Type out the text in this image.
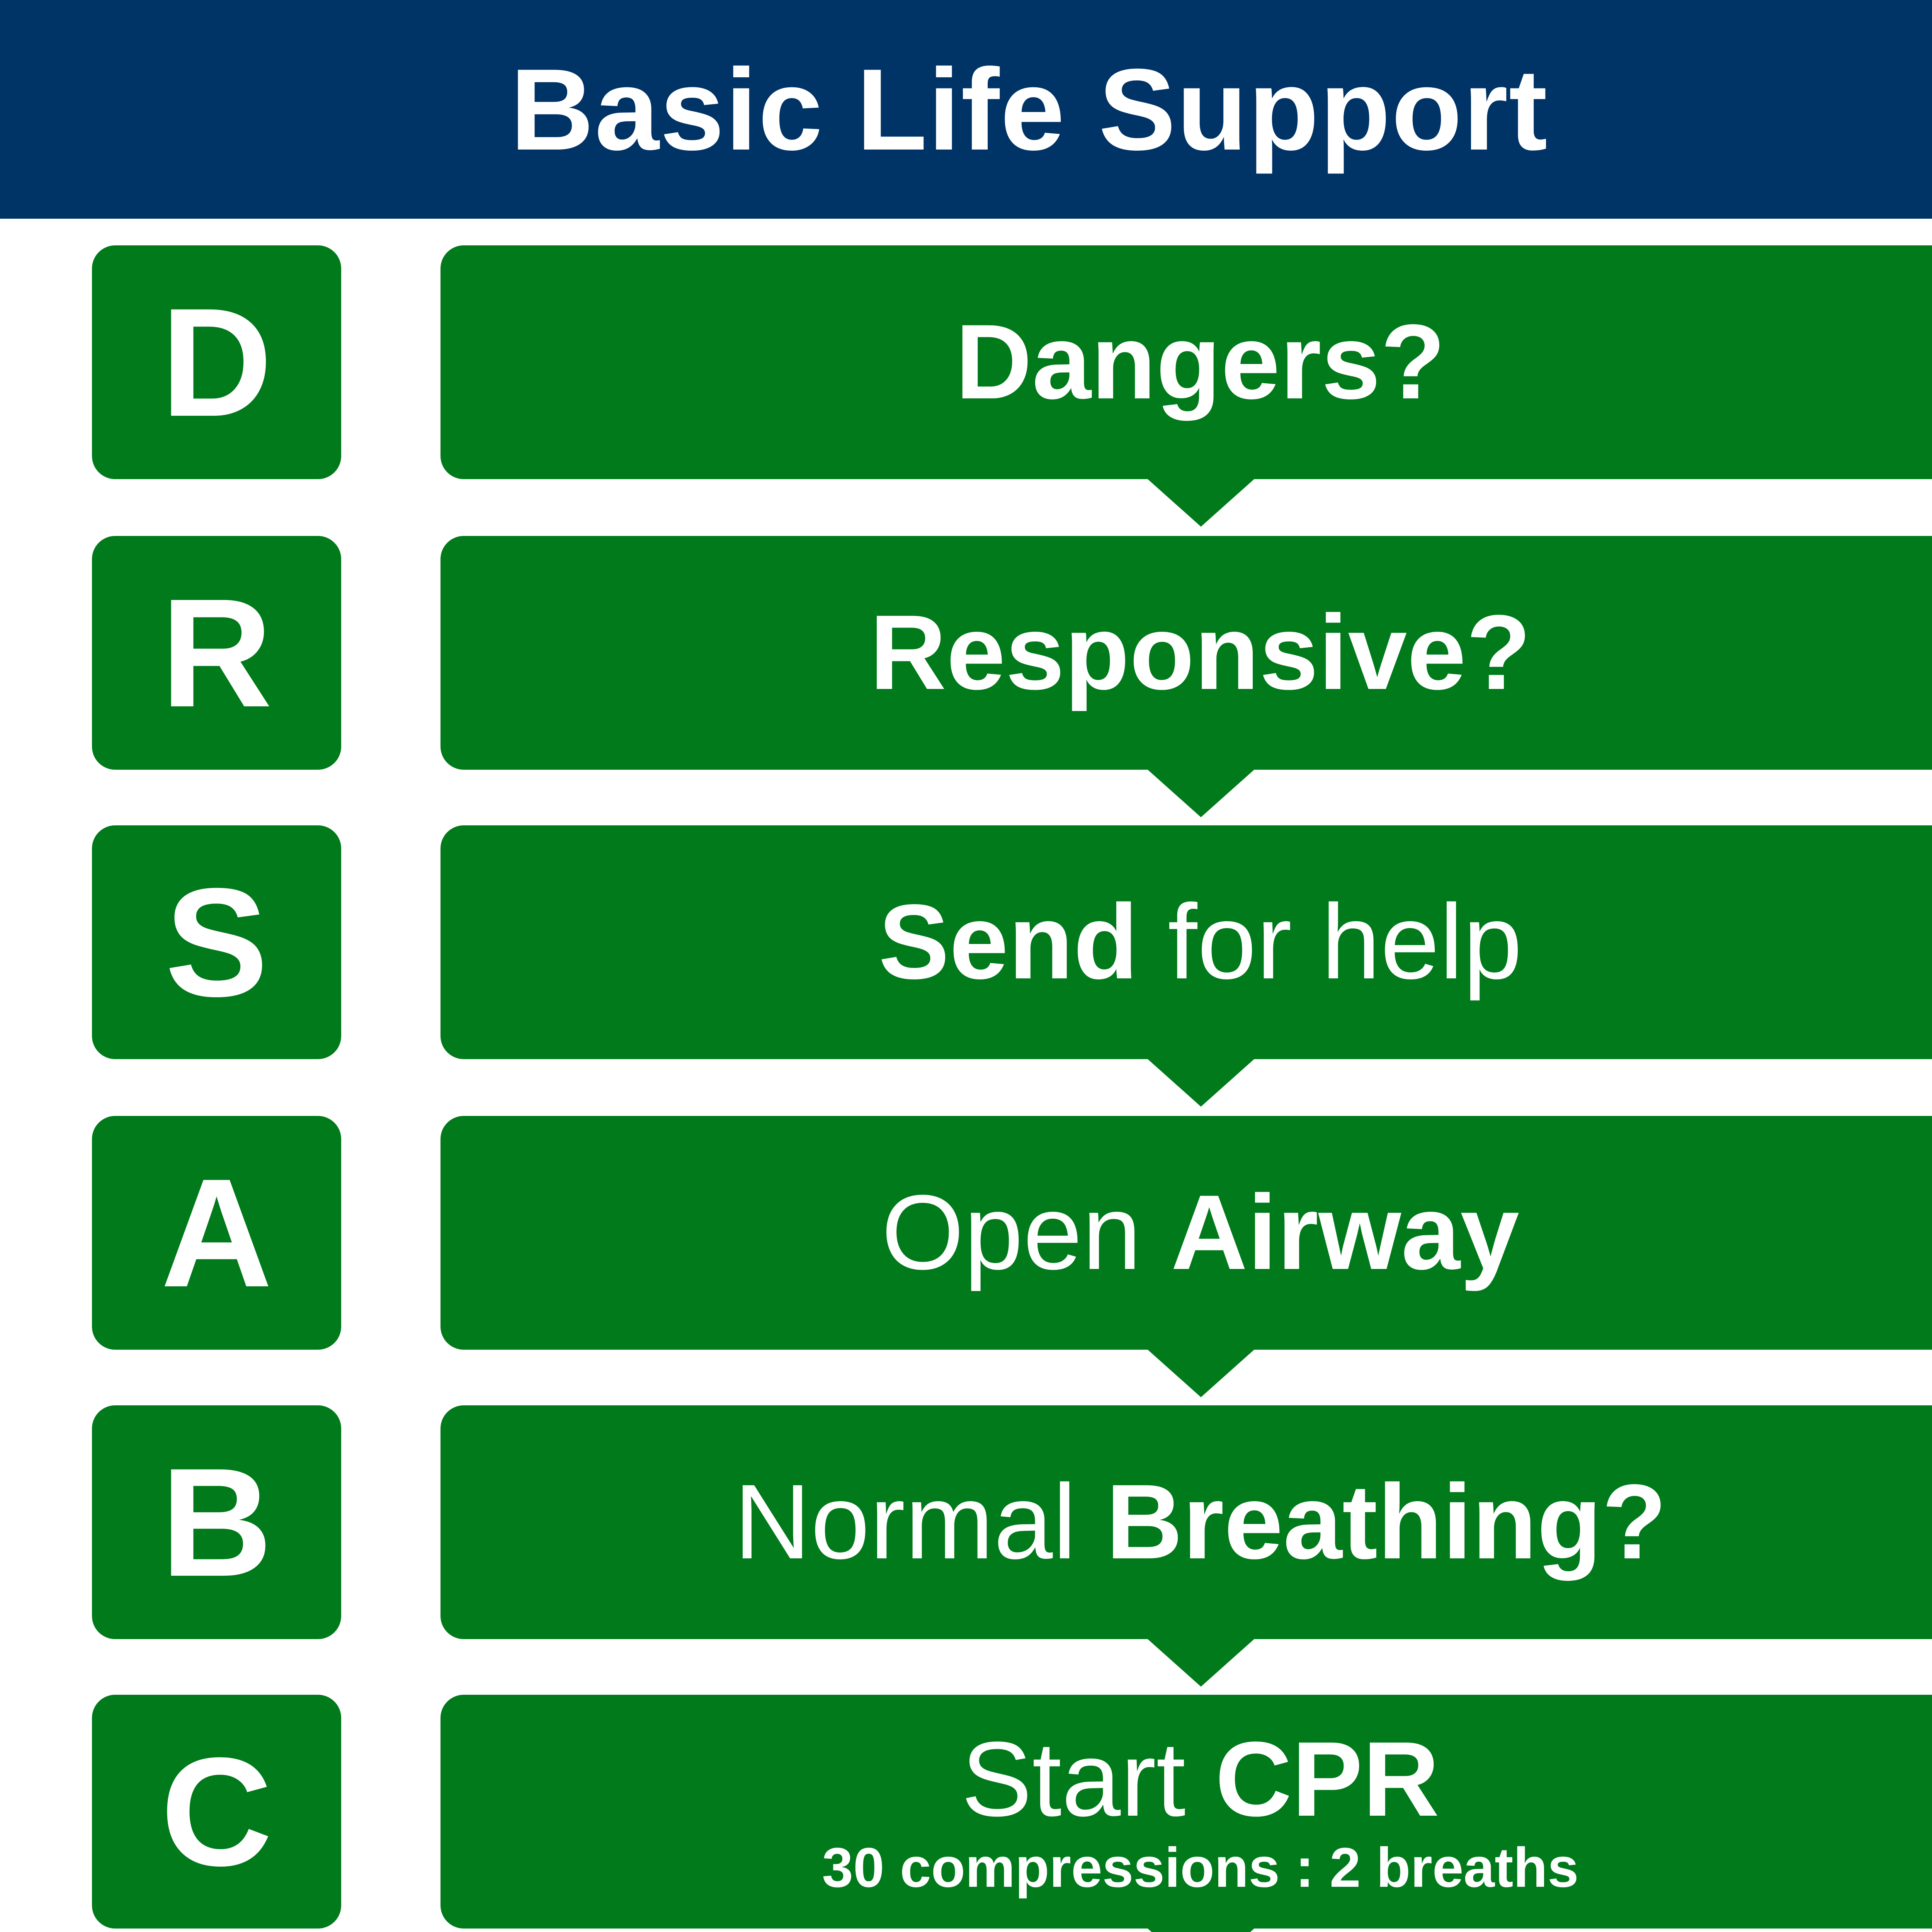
Basic Life Support
D	Dangers?
R	Responsive?
S	Send for help
A	Open Airway
B	Normal Breathing?
C	Start CPR
30 compressions : 2 breaths
